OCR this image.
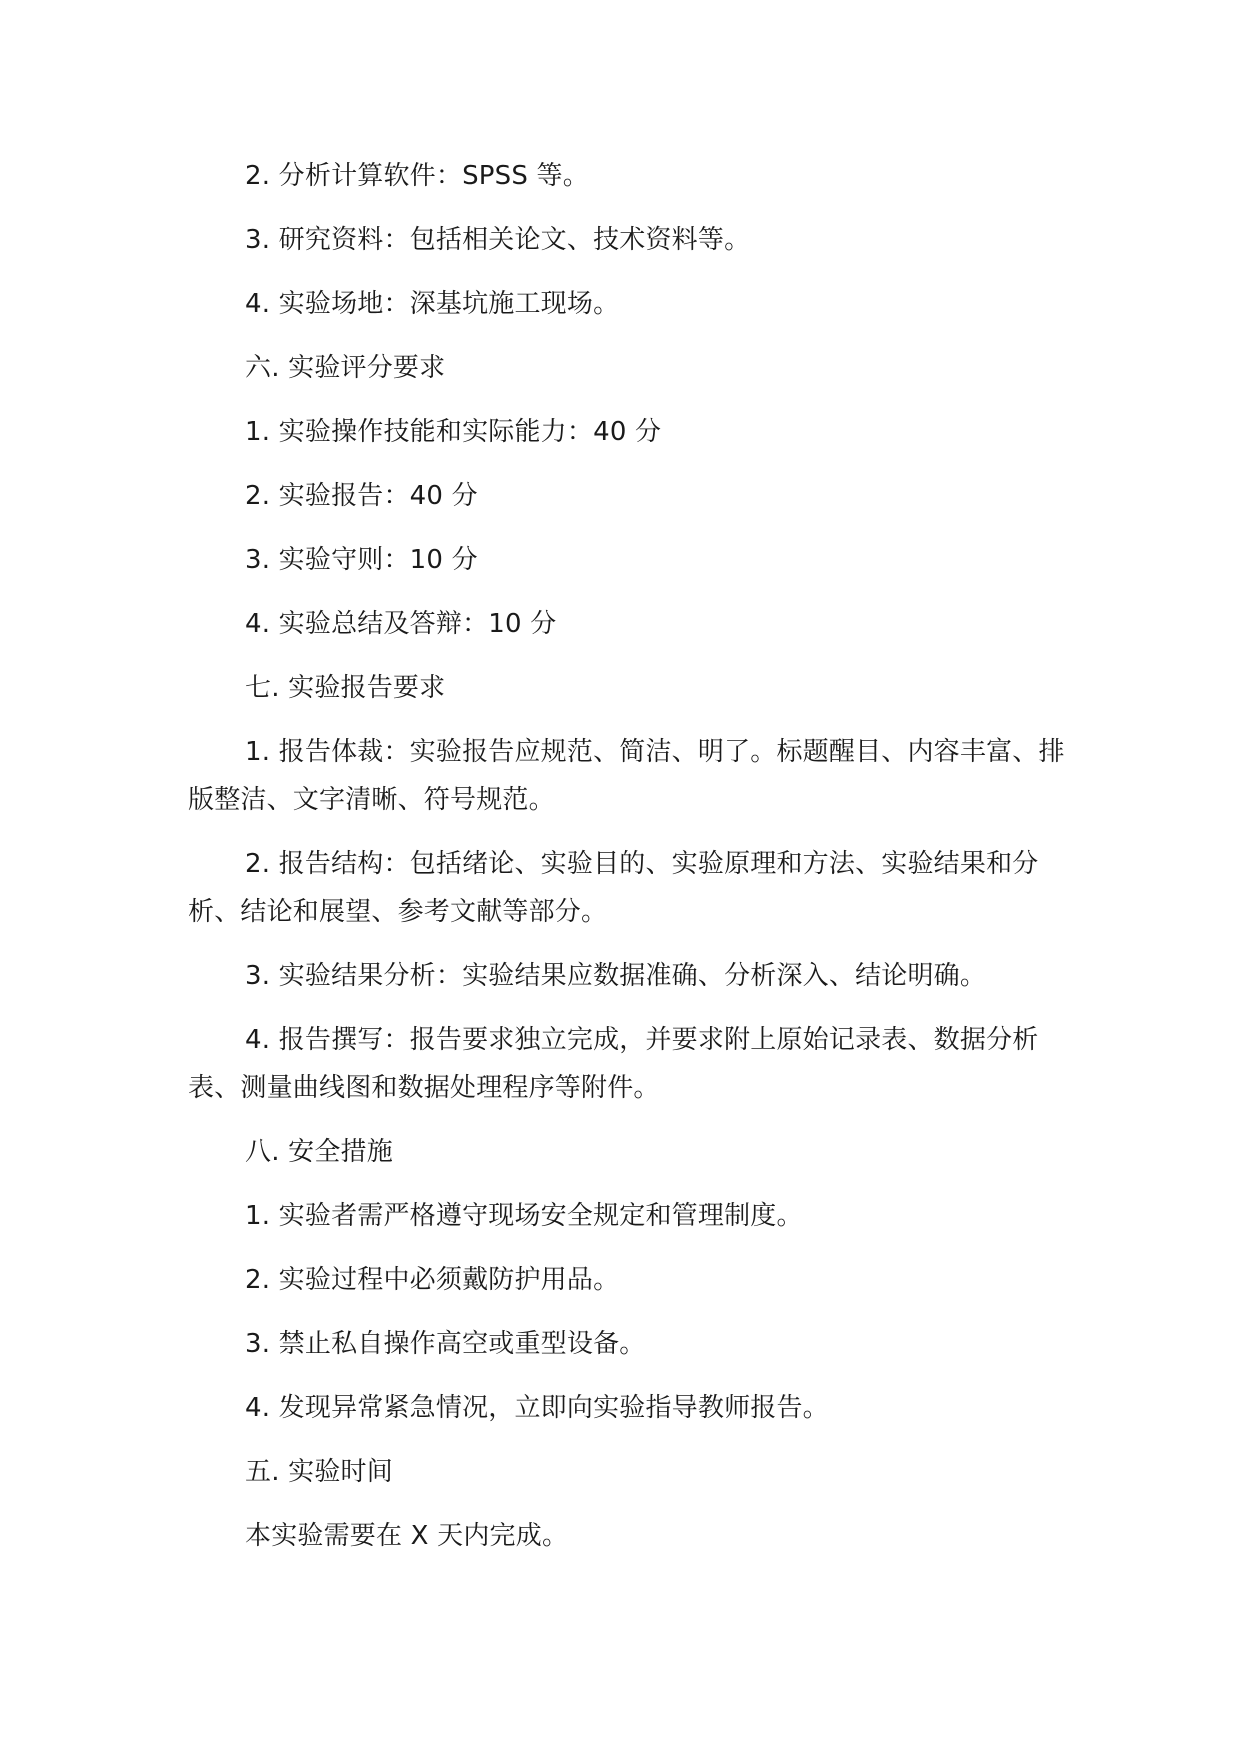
2. 分析计算软件：SPSS 等。

3. 研究资料：包括相关论文、技术资料等。

4. 实验场地：深基坑施工现场。

六. 实验评分要求

1. 实验操作技能和实际能力：40 分

2. 实验报告：40 分

3. 实验守则：10 分

4. 实验总结及答辩：10 分

七. 实验报告要求

1. 报告体裁：实验报告应规范、简洁、明了。标题醒目、内容丰富、排版整洁、文字清晰、符号规范。

2. 报告结构：包括绪论、实验目的、实验原理和方法、实验结果和分析、结论和展望、参考文献等部分。

3. 实验结果分析：实验结果应数据准确、分析深入、结论明确。

4. 报告撰写：报告要求独立完成，并要求附上原始记录表、数据分析表、测量曲线图和数据处理程序等附件。

八. 安全措施

1. 实验者需严格遵守现场安全规定和管理制度。

2. 实验过程中必须戴防护用品。

3. 禁止私自操作高空或重型设备。

4. 发现异常紧急情况，立即向实验指导教师报告。

五. 实验时间

本实验需要在 X 天内完成。
